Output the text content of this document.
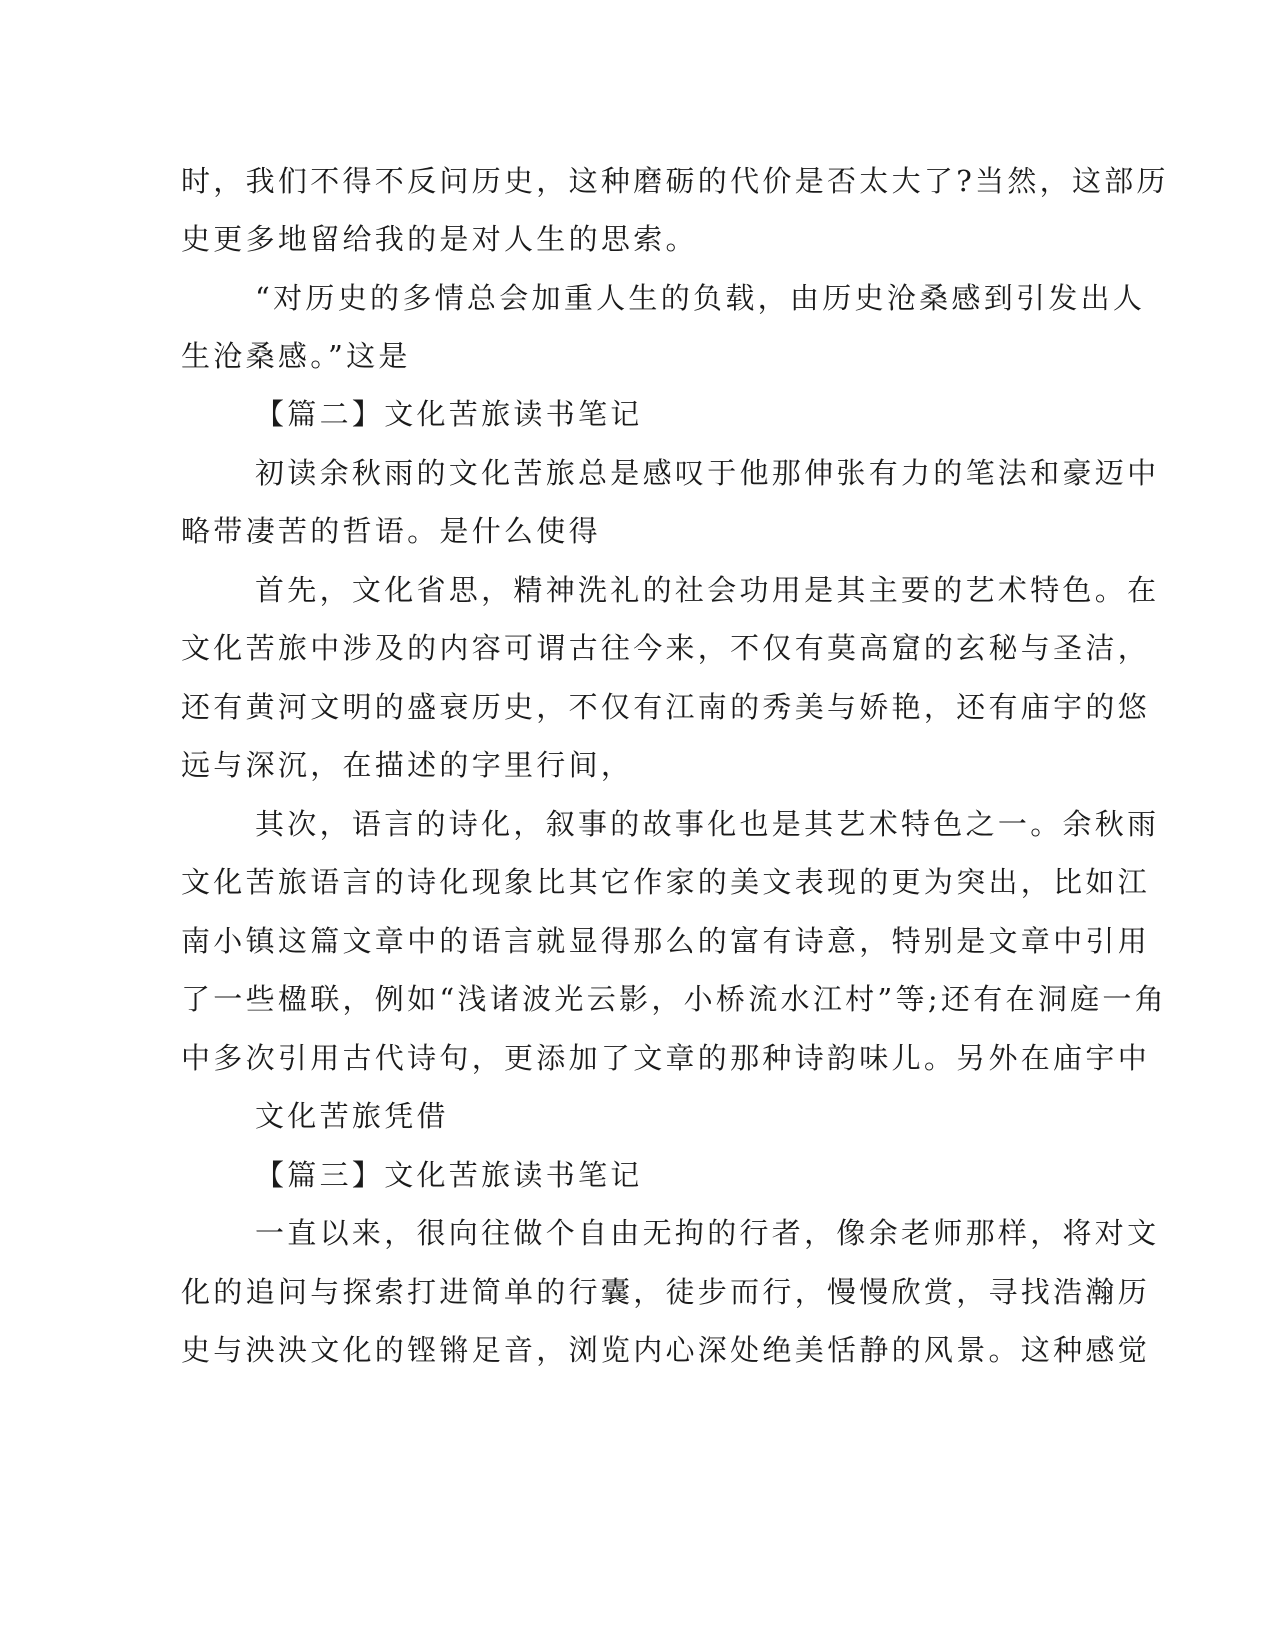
时，我们不得不反问历史，这种磨砺的代价是否太大了?当然，这部历
史更多地留给我的是对人生的思索。
“对历史的多情总会加重人生的负载，由历史沧桑感到引发出人
生沧桑感。”这是
【篇二】文化苦旅读书笔记
初读余秋雨的文化苦旅总是感叹于他那伸张有力的笔法和豪迈中
略带凄苦的哲语。是什么使得
首先，文化省思，精神洗礼的社会功用是其主要的艺术特色。在
文化苦旅中涉及的内容可谓古往今来，不仅有莫高窟的玄秘与圣洁，
还有黄河文明的盛衰历史，不仅有江南的秀美与娇艳，还有庙宇的悠
远与深沉，在描述的字里行间，
其次，语言的诗化，叙事的故事化也是其艺术特色之一。余秋雨
文化苦旅语言的诗化现象比其它作家的美文表现的更为突出，比如江
南小镇这篇文章中的语言就显得那么的富有诗意，特别是文章中引用
了一些楹联，例如“浅诸波光云影，小桥流水江村”等;还有在洞庭一角
中多次引用古代诗句，更添加了文章的那种诗韵味儿。另外在庙宇中
文化苦旅凭借
【篇三】文化苦旅读书笔记
一直以来，很向往做个自由无拘的行者，像余老师那样，将对文
化的追问与探索打进简单的行囊，徒步而行，慢慢欣赏，寻找浩瀚历
史与泱泱文化的铿锵足音，浏览内心深处绝美恬静的风景。这种感觉
